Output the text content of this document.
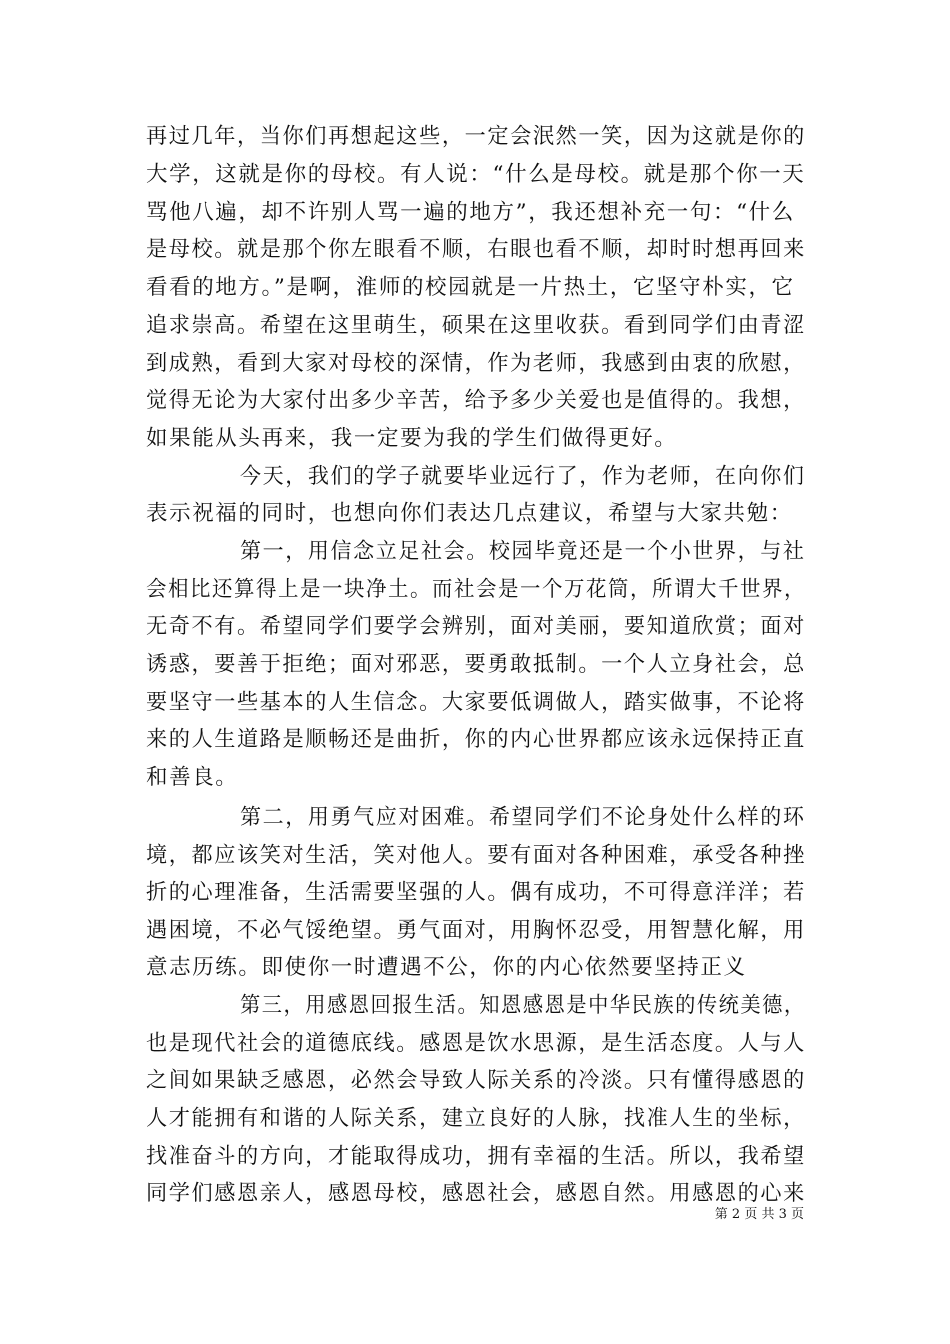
再过几年，当你们再想起这些，一定会泯然一笑，因为这就是你的
大学，这就是你的母校。有人说：“什么是母校。就是那个你一天
骂他八遍，却不许别人骂一遍的地方”，我还想补充一句：“什么
是母校。就是那个你左眼看不顺，右眼也看不顺，却时时想再回来
看看的地方。”是啊，淮师的校园就是一片热土，它坚守朴实，它
追求崇高。希望在这里萌生，硕果在这里收获。看到同学们由青涩
到成熟，看到大家对母校的深情，作为老师，我感到由衷的欣慰，
觉得无论为大家付出多少辛苦，给予多少关爱也是值得的。我想，
如果能从头再来，我一定要为我的学生们做得更好。
今天，我们的学子就要毕业远行了，作为老师，在向你们
表示祝福的同时，也想向你们表达几点建议，希望与大家共勉：
第一，用信念立足社会。校园毕竟还是一个小世界，与社
会相比还算得上是一块净土。而社会是一个万花筒，所谓大千世界，
无奇不有。希望同学们要学会辨别，面对美丽，要知道欣赏；面对
诱惑，要善于拒绝；面对邪恶，要勇敢抵制。一个人立身社会，总
要坚守一些基本的人生信念。大家要低调做人，踏实做事，不论将
来的人生道路是顺畅还是曲折，你的内心世界都应该永远保持正直
和善良。
第二，用勇气应对困难。希望同学们不论身处什么样的环
境，都应该笑对生活，笑对他人。要有面对各种困难，承受各种挫
折的心理准备，生活需要坚强的人。偶有成功，不可得意洋洋；若
遇困境，不必气馁绝望。勇气面对，用胸怀忍受，用智慧化解，用
意志历练。即使你一时遭遇不公，你的内心依然要坚持正义
第三，用感恩回报生活。知恩感恩是中华民族的传统美德，
也是现代社会的道德底线。感恩是饮水思源，是生活态度。人与人
之间如果缺乏感恩，必然会导致人际关系的冷淡。只有懂得感恩的
人才能拥有和谐的人际关系，建立良好的人脉，找准人生的坐标，
找准奋斗的方向，才能取得成功，拥有幸福的生活。所以，我希望
同学们感恩亲人，感恩母校，感恩社会，感恩自然。用感恩的心来
第 2 页 共 3 页
